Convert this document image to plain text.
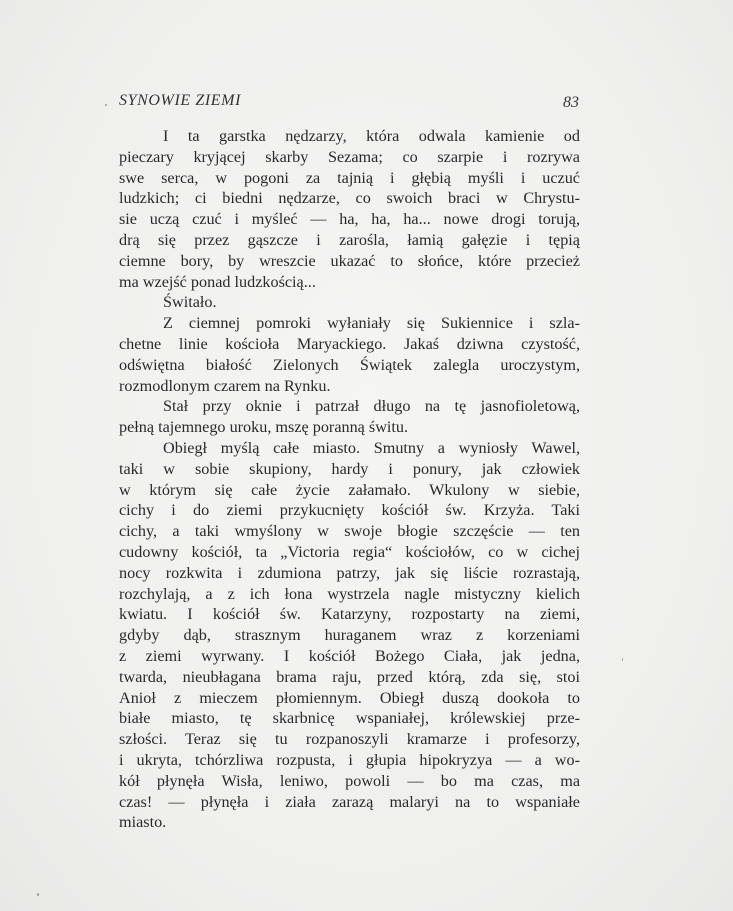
SYNOWIE ZIEMI	83
I ta garstka nędzarzy, która odwala kamienie od
pieczary kryjącej skarby Sezama; co szarpie i rozrywa
swe serca, w pogoni za tajnią i głębią myśli i uczuć
ludzkich; ci biedni nędzarze, co swoich braci w Chrystu-
sie uczą czuć i myśleć — ha, ha, ha... nowe drogi torują,
drą się przez gąszcze i zarośla, łamią gałęzie i tępią
ciemne bory, by wreszcie ukazać to słońce, które przecież
ma wzejść ponad ludzkością...
Świtało.
Z ciemnej pomroki wyłaniały się Sukiennice i szla-
chetne linie kościoła Maryackiego. Jakaś dziwna czystość,
odświętna białość Zielonych Świątek zalegla uroczystym,
rozmodlonym czarem na Rynku.
Stał przy oknie i patrzał długo na tę jasnofioletową,
pełną tajemnego uroku, mszę poranną świtu.
Obiegł myślą całe miasto. Smutny a wyniosły Wawel,
taki w sobie skupiony, hardy i ponury, jak człowiek
w którym się całe życie załamało. Wkulony w siebie,
cichy i do ziemi przykucnięty kościół św. Krzyża. Taki
cichy, a taki wmyślony w swoje błogie szczęście — ten
cudowny kościół, ta „Victoria regia“ kościołów, co w cichej
nocy rozkwita i zdumiona patrzy, jak się liście rozrastają,
rozchylają, a z ich łona wystrzela nagle mistyczny kielich
kwiatu. I kościół św. Katarzyny, rozpostarty na ziemi,
gdyby dąb, strasznym huraganem wraz z korzeniami
z ziemi wyrwany. I kościół Bożego Ciała, jak jedna,
twarda, nieubłagana brama raju, przed którą, zda się, stoi
Anioł z mieczem płomiennym. Obiegł duszą dookoła to
białe miasto, tę skarbnicę wspaniałej, królewskiej prze-
szłości. Teraz się tu rozpanoszyli kramarze i profesorzy,
i ukryta, tchórzliwa rozpusta, i głupia hipokryzya — a wo-
kół płynęła Wisła, leniwo, powoli — bo ma czas, ma
czas! — płynęła i ziała zarazą malaryi na to wspaniałe
miasto.
